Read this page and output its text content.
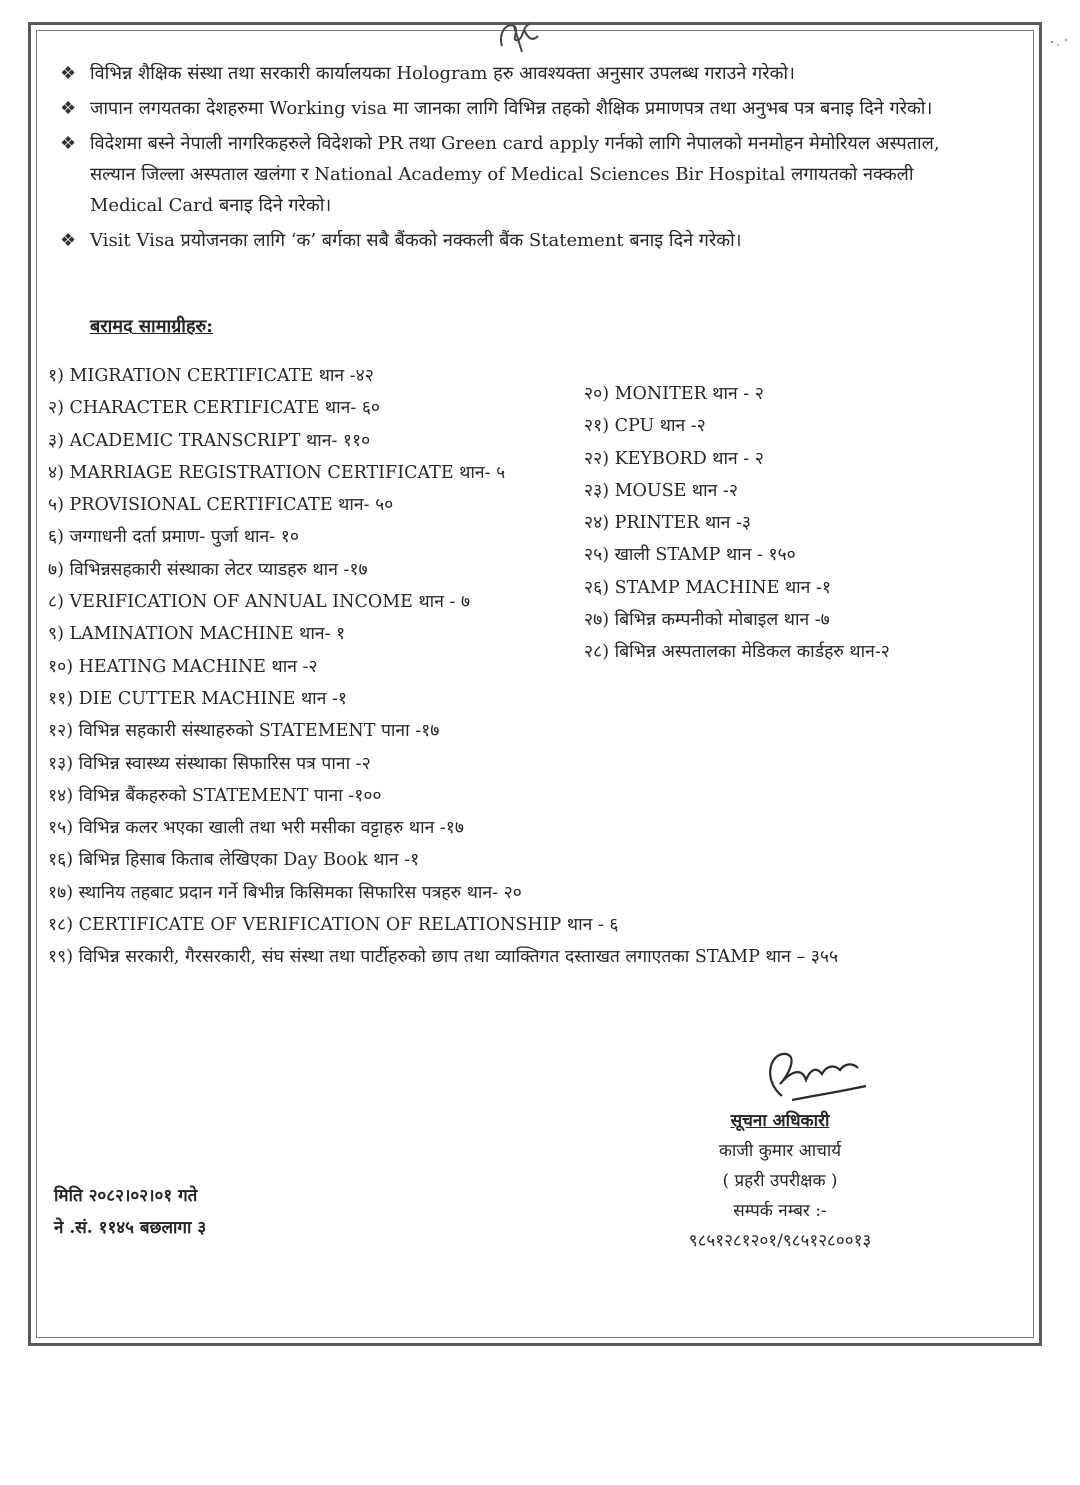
❖ विभिन्न शैक्षिक संस्था तथा सरकारी कार्यालयका Hologram हरु आवश्यक्ता अनुसार उपलब्ध गराउने गरेको।
❖ जापान लगयतका देशहरुमा Working visa मा जानका लागि विभिन्न तहको शैक्षिक प्रमाणपत्र तथा अनुभब पत्र बनाइ दिने गरेको।
❖ विदेशमा बस्ने नेपाली नागरिकहरुले विदेशको PR तथा Green card apply गर्नको लागि नेपालको मनमोहन मेमोरियल अस्पताल, सल्यान जिल्ला अस्पताल खलंगा र National Academy of Medical Sciences Bir Hospital लगायतको नक्कली Medical Card बनाइ दिने गरेको।
❖ Visit Visa प्रयोजनका लागि ‘क’ बर्गका सबै बैंकको नक्कली बैंक Statement बनाइ दिने गरेको।
बरामद सामाग्रीहरु:
१) MIGRATION CERTIFICATE थान -४२
२) CHARACTER CERTIFICATE थान- ६०
३) ACADEMIC TRANSCRIPT थान- ११०
४) MARRIAGE REGISTRATION CERTIFICATE थान- ५
५) PROVISIONAL CERTIFICATE थान- ५०
६) जग्गाधनी दर्ता प्रमाण- पुर्जा थान- १०
७) विभिन्नसहकारी संस्थाका लेटर प्याडहरु थान -१७
८) VERIFICATION OF ANNUAL INCOME थान - ७
९) LAMINATION MACHINE थान- १
१०) HEATING MACHINE थान -२
११) DIE CUTTER MACHINE थान -१
१२) विभिन्न सहकारी संस्थाहरुको STATEMENT पाना -१७
१३) विभिन्न स्वास्थ्य संस्थाका सिफारिस पत्र पाना -२
१४) विभिन्न बैंकहरुको STATEMENT पाना -१००
१५) विभिन्न कलर भएका खाली तथा भरी मसीका वट्टाहरु थान -१७
१६) बिभिन्न हिसाब किताब लेखिएका Day Book थान -१
१७) स्थानिय तहबाट प्रदान गर्ने बिभीन्न किसिमका सिफारिस पत्रहरु थान- २०
१८) CERTIFICATE OF VERIFICATION OF RELATIONSHIP थान - ६
१९) विभिन्न सरकारी, गैरसरकारी, संघ संस्था तथा पार्टीहरुको छाप तथा व्याक्तिगत दस्ताखत लगाएतका STAMP थान – ३५५
२०) MONITER थान - २
२१) CPU थान -२
२२) KEYBORD थान - २
२३) MOUSE थान -२
२४) PRINTER थान -३
२५) खाली STAMP थान - १५०
२६) STAMP MACHINE थान -१
२७) बिभिन्न कम्पनीको मोबाइल थान -७
२८) बिभिन्न अस्पतालका मेडिकल कार्डहरु थान-२
सूचना अधिकारी
काजी कुमार आचार्य
( प्रहरी उपरीक्षक )
सम्पर्क नम्बर :-
९८५१२८१२०१/९८५१२८००१३
मिति २०८२।०२।०१ गते
ने .सं. ११४५ बछलागा ३
